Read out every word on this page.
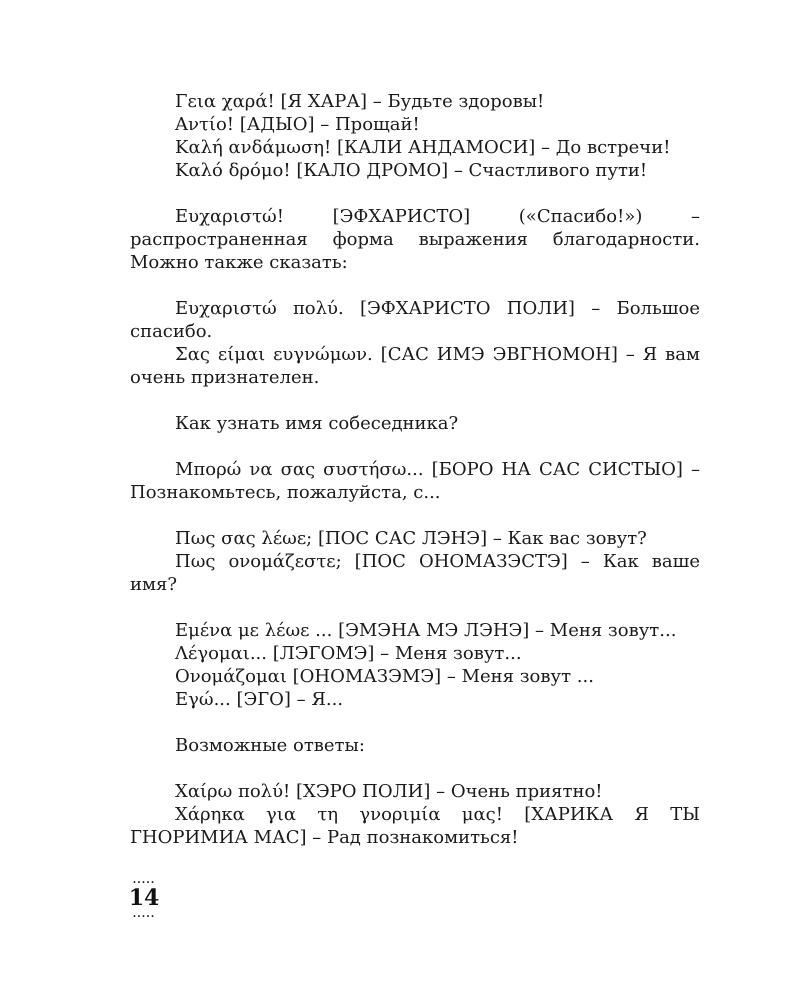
Γεια χαρά! [Я ХАРА] – Будьте здоровы!

Αντίο! [АДЫО] – Прощай!

Καλή ανδάμωση! [КАЛИ АНДАМОСИ] – До встречи!

Καλό δρόμο! [КАЛО ДРОМО] – Счастливого пути!

Ευχαριστώ! [ЭФХАРИСТО] («Спасибо!») – распространенная форма выражения благодарности. Можно также сказать:

Ευχαριστώ πολύ. [ЭФХАРИСТО ПОЛИ] – Большое спасибо.

Σας είμαι ευγνώμων. [САС ИМЭ ЭВГНОМОН] – Я вам очень признателен.

Как узнать имя собеседника?

Μπορώ να σας συστήσω... [БОРО НА САС СИСТЫО] – Познакомьтесь, пожалуйста, с...

Πως σας λέωε; [ПОС САС ЛЭНЭ] – Как вас зовут?

Πως ονομάζεστε; [ПОС ОНОМАЗЭСТЭ] – Как ваше имя?

Εμένα με λέωε ... [ЭМЭНА МЭ ЛЭНЭ] – Меня зовут...

Λέγομαι... [ЛЭГОМЭ] – Меня зовут...

Ονομάζομαι [ОНОМАЗЭМЭ] – Меня зовут ...

Εγώ... [ЭГО] – Я...

Возможные ответы:

Χαίρω πολύ! [ХЭРО ПОЛИ] – Очень приятно!

Χάρηκα για τη γνοριμία μας! [ХАРИКА Я ТЫ ГНОРИМИА МАС] – Рад познакомиться!

.....
14
.....
